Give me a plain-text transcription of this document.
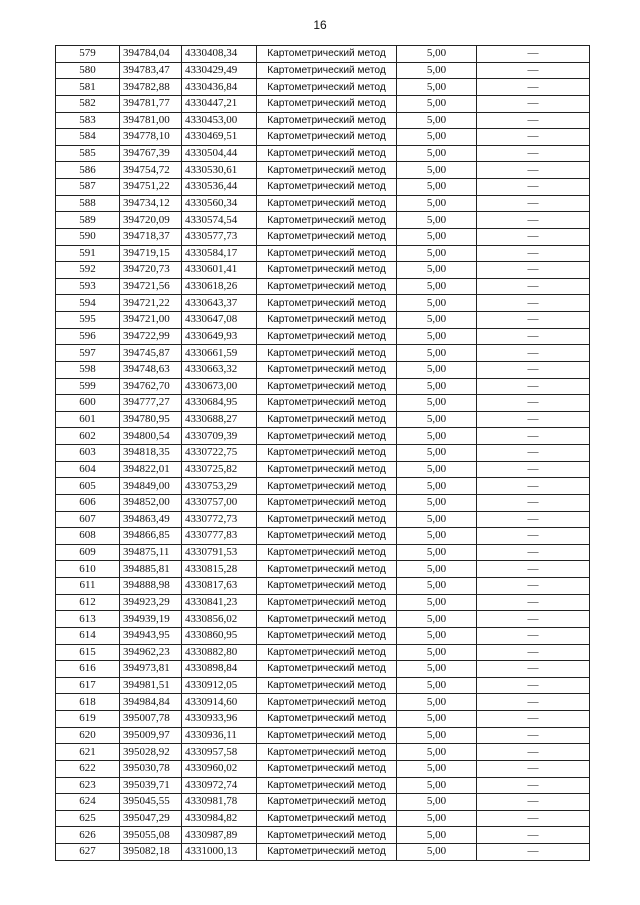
16
579	394784,04	4330408,34	Картометрический метод	5,00	—
580	394783,47	4330429,49	Картометрический метод	5,00	—
581	394782,88	4330436,84	Картометрический метод	5,00	—
582	394781,77	4330447,21	Картометрический метод	5,00	—
583	394781,00	4330453,00	Картометрический метод	5,00	—
584	394778,10	4330469,51	Картометрический метод	5,00	—
585	394767,39	4330504,44	Картометрический метод	5,00	—
586	394754,72	4330530,61	Картометрический метод	5,00	—
587	394751,22	4330536,44	Картометрический метод	5,00	—
588	394734,12	4330560,34	Картометрический метод	5,00	—
589	394720,09	4330574,54	Картометрический метод	5,00	—
590	394718,37	4330577,73	Картометрический метод	5,00	—
591	394719,15	4330584,17	Картометрический метод	5,00	—
592	394720,73	4330601,41	Картометрический метод	5,00	—
593	394721,56	4330618,26	Картометрический метод	5,00	—
594	394721,22	4330643,37	Картометрический метод	5,00	—
595	394721,00	4330647,08	Картометрический метод	5,00	—
596	394722,99	4330649,93	Картометрический метод	5,00	—
597	394745,87	4330661,59	Картометрический метод	5,00	—
598	394748,63	4330663,32	Картометрический метод	5,00	—
599	394762,70	4330673,00	Картометрический метод	5,00	—
600	394777,27	4330684,95	Картометрический метод	5,00	—
601	394780,95	4330688,27	Картометрический метод	5,00	—
602	394800,54	4330709,39	Картометрический метод	5,00	—
603	394818,35	4330722,75	Картометрический метод	5,00	—
604	394822,01	4330725,82	Картометрический метод	5,00	—
605	394849,00	4330753,29	Картометрический метод	5,00	—
606	394852,00	4330757,00	Картометрический метод	5,00	—
607	394863,49	4330772,73	Картометрический метод	5,00	—
608	394866,85	4330777,83	Картометрический метод	5,00	—
609	394875,11	4330791,53	Картометрический метод	5,00	—
610	394885,81	4330815,28	Картометрический метод	5,00	—
611	394888,98	4330817,63	Картометрический метод	5,00	—
612	394923,29	4330841,23	Картометрический метод	5,00	—
613	394939,19	4330856,02	Картометрический метод	5,00	—
614	394943,95	4330860,95	Картометрический метод	5,00	—
615	394962,23	4330882,80	Картометрический метод	5,00	—
616	394973,81	4330898,84	Картометрический метод	5,00	—
617	394981,51	4330912,05	Картометрический метод	5,00	—
618	394984,84	4330914,60	Картометрический метод	5,00	—
619	395007,78	4330933,96	Картометрический метод	5,00	—
620	395009,97	4330936,11	Картометрический метод	5,00	—
621	395028,92	4330957,58	Картометрический метод	5,00	—
622	395030,78	4330960,02	Картометрический метод	5,00	—
623	395039,71	4330972,74	Картометрический метод	5,00	—
624	395045,55	4330981,78	Картометрический метод	5,00	—
625	395047,29	4330984,82	Картометрический метод	5,00	—
626	395055,08	4330987,89	Картометрический метод	5,00	—
627	395082,18	4331000,13	Картометрический метод	5,00	—
